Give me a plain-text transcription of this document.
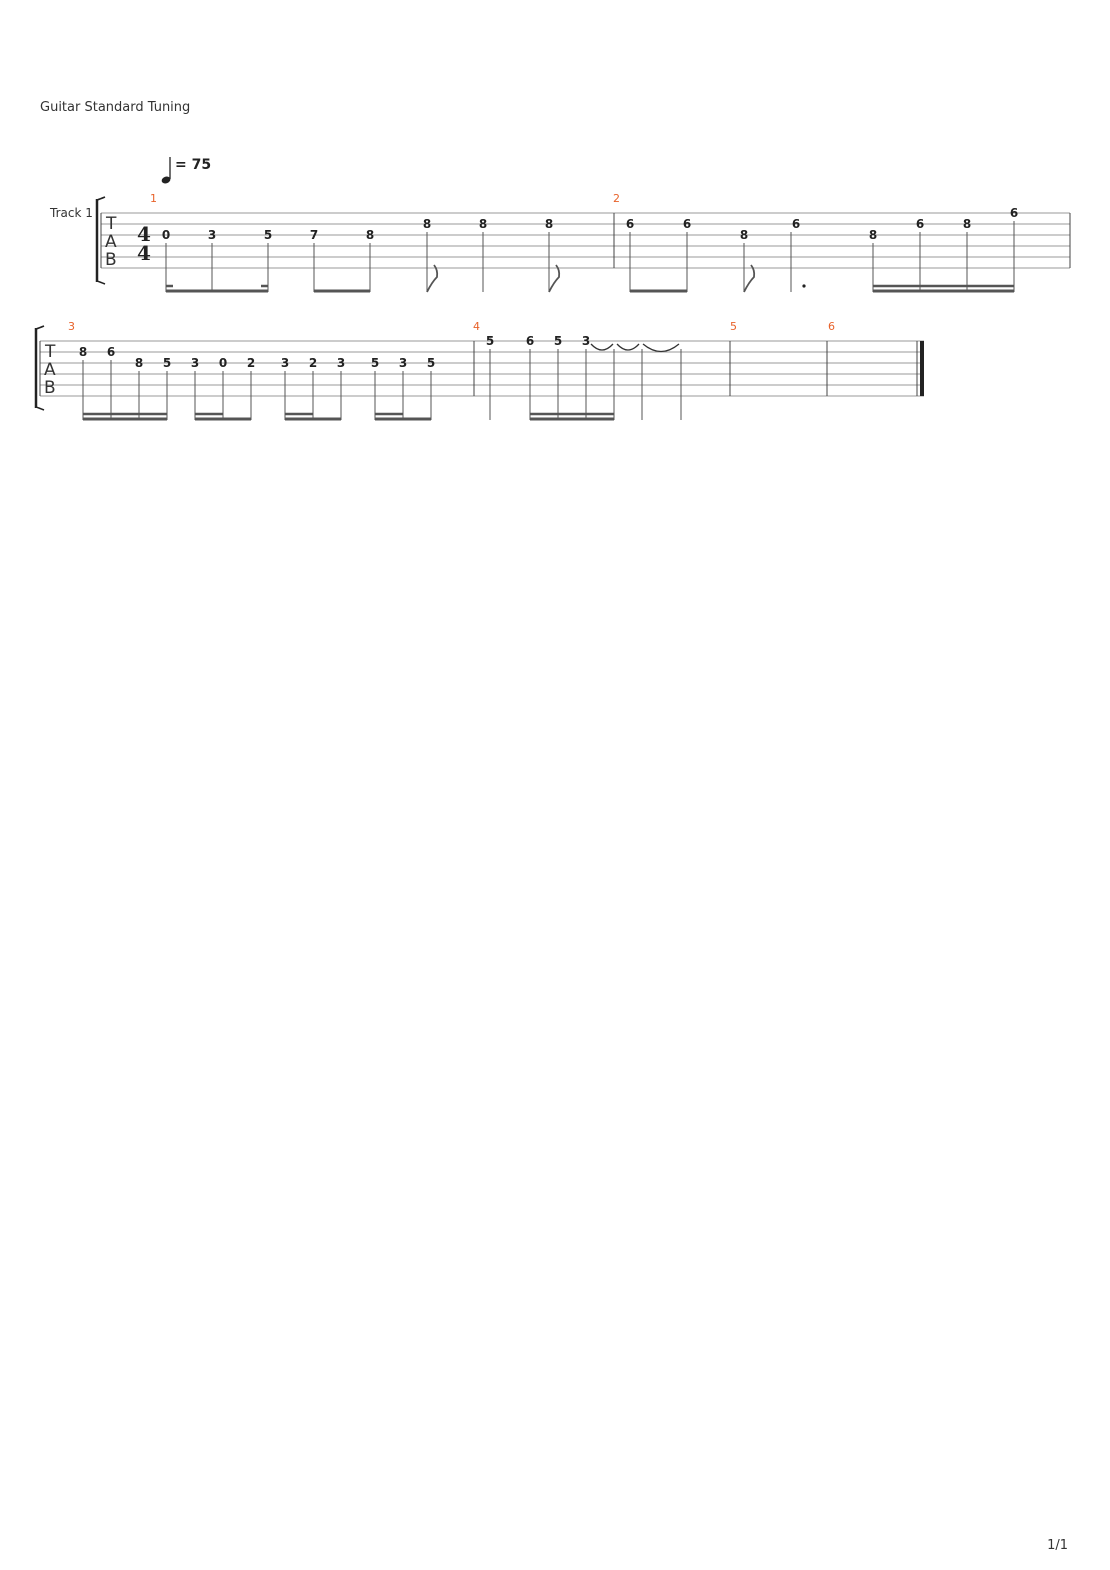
Guitar Standard Tuning
= 75
Track 1
T
A
B
4
4
1	2
0	3	5	7	8
8	8	8	6	6
8
6
8
6	8
6
T
A
B
3	4	5	6
8 6
8 5 3 0 2 3 2 3 5 3 5
5	6 5 3
1/1
